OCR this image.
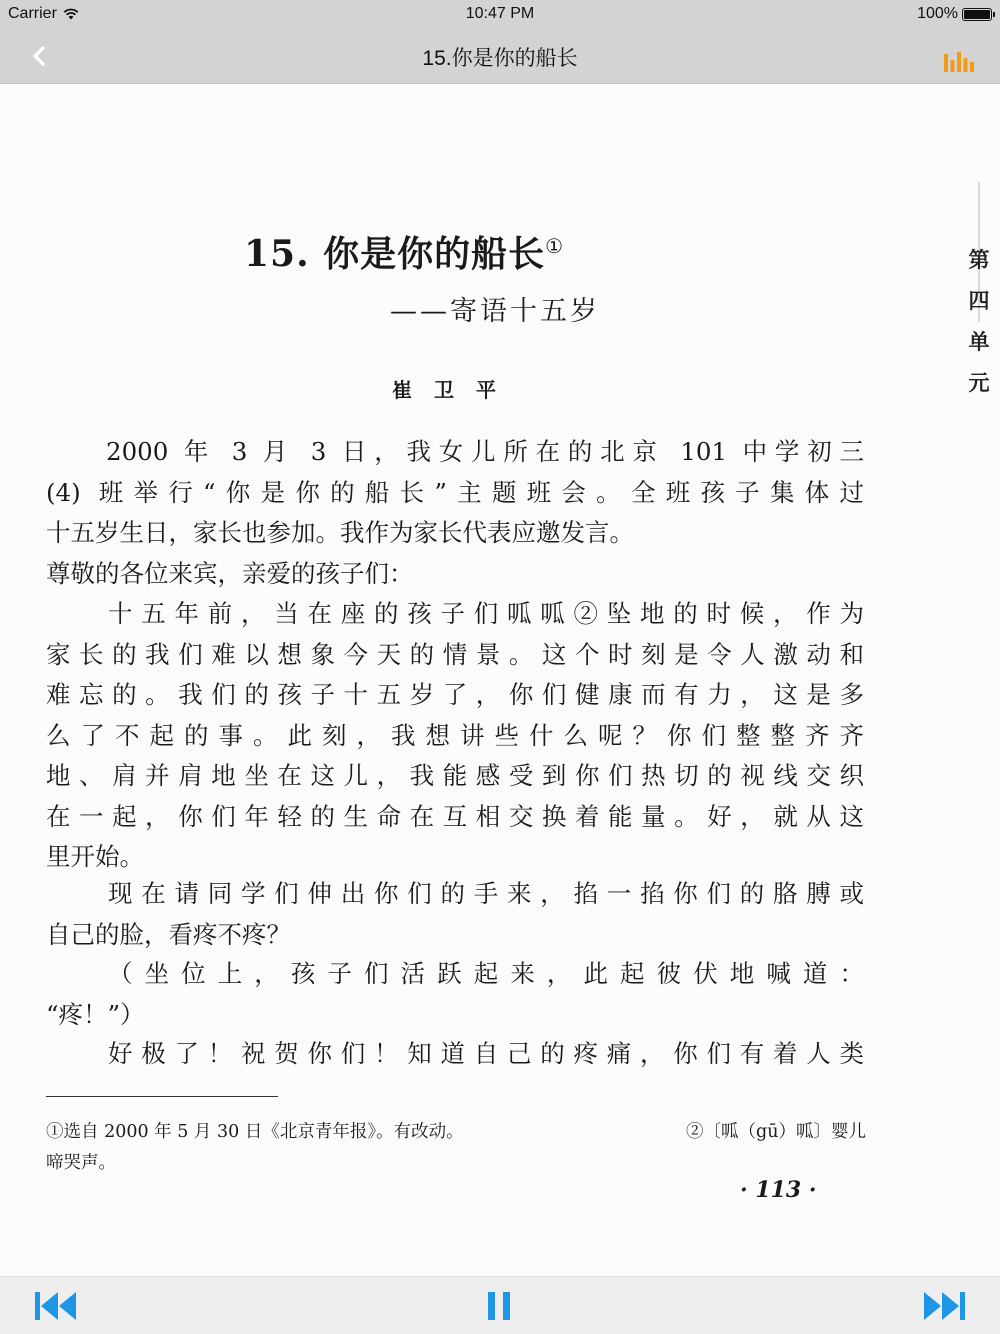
Carrier	10:47 PM	100%
15.你是你的船长
第
四
单
元
15. 你是你的船长①
——寄语十五岁
崔卫平
2000 年 3 月 3 日，我女儿所在的北京 101 中学初三
(4) 班举行“你是你的船长”主题班会。全班孩子集体过
十五岁生日，家长也参加。我作为家长代表应邀发言。
尊敬的各位来宾，亲爱的孩子们：
十五年前，当在座的孩子们呱呱②坠地的时候，作为
家长的我们难以想象今天的情景。这个时刻是令人激动和
难忘的。我们的孩子十五岁了，你们健康而有力，这是多
么了不起的事。此刻，我想讲些什么呢？你们整整齐齐
地、肩并肩地坐在这儿，我能感受到你们热切的视线交织
在一起，你们年轻的生命在互相交换着能量。好，就从这
里开始。
现在请同学们伸出你们的手来，掐一掐你们的胳膊或
自己的脸，看疼不疼？
（坐位上，孩子们活跃起来，此起彼伏地喊道：
“疼！”）
好极了！祝贺你们！知道自己的疼痛，你们有着人类
①选自 2000 年 5 月 30 日《北京青年报》。有改动。	②〔呱（gū）呱〕婴儿

啼哭声。
· 113 ·
